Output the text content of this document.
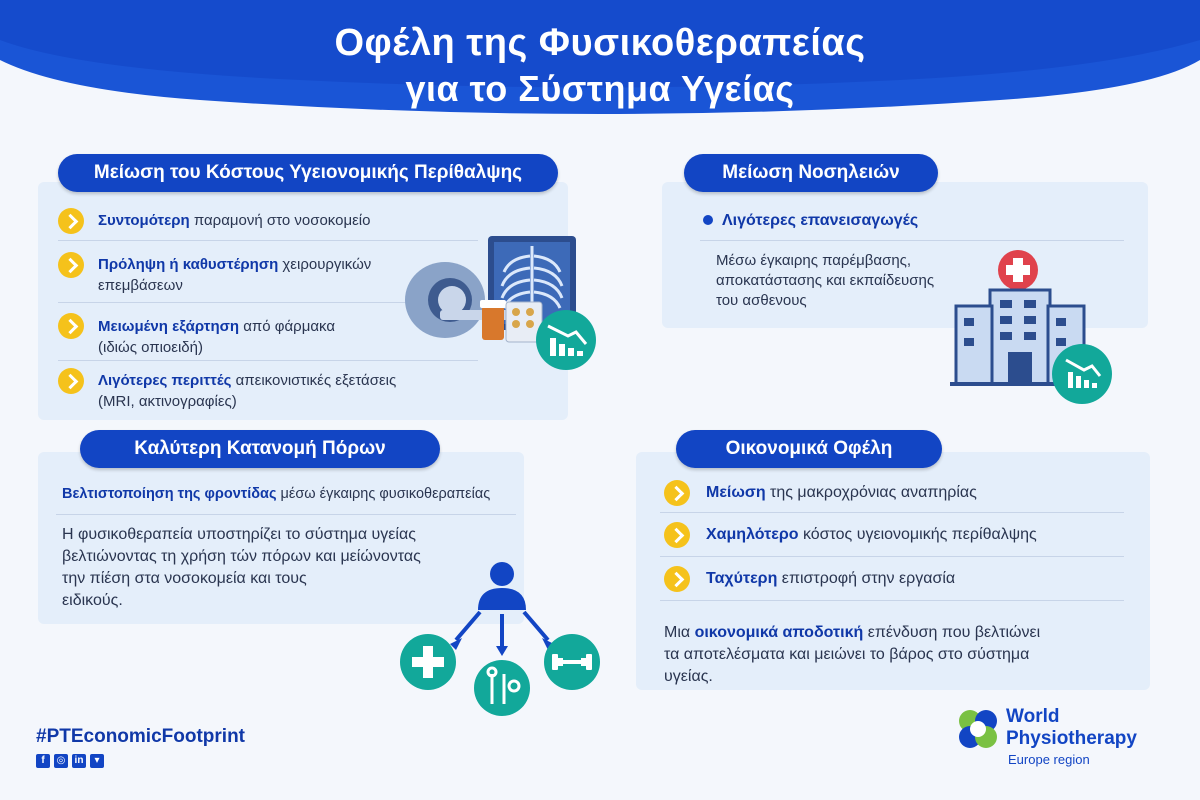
Οφέλη της Φυσικοθεραπείας
για το Σύστημα Υγείας
Μείωση του Κόστους Υγειονομικής Περίθαλψης
Συντομότερη παραμονή στο νοσοκομείο
Πρόληψη ή καθυστέρηση χειρουργικών
επεμβάσεων
Μειωμένη εξάρτηση από φάρμακα
(ιδιώς οπιοειδή)
Λιγότερες περιττές απεικονιστικές εξετάσεις
(MRI, ακτινογραφίες)
Μείωση Νοσηλειών
Λιγότερες επανεισαγωγές
Μέσω έγκαιρης παρέμβασης,
αποκατάστασης και εκπαίδευσης
του ασθενους
Καλύτερη Κατανομή Πόρων
Βελτιστοποίηση της φροντίδας μέσω έγκαιρης φυσικοθεραπείας
Η φυσικοθεραπεία υποστηρίζει το σύστημα υγείας
βελτιώνοντας τη χρήση τών πόρων και μείώνοντας
την πίέση στα νοσοκομεία και τους
ειδικούς.
Οικονομικά Οφέλη
Μείωση της μακροχρόνιας αναπηρίας
Χαμηλότερο κόστος υγειονομικής περίθαλψης
Ταχύτερη επιστροφή στην εργασία
Μια οικονομικά αποδοτική επένδυση που βελτιώνει
τα αποτελέσματα και μειώνει το βάρος στο σύστημα
υγείας.
#PTEconomicFootprint
f	◎ in	▾
World
Physiotherapy
Europe region
